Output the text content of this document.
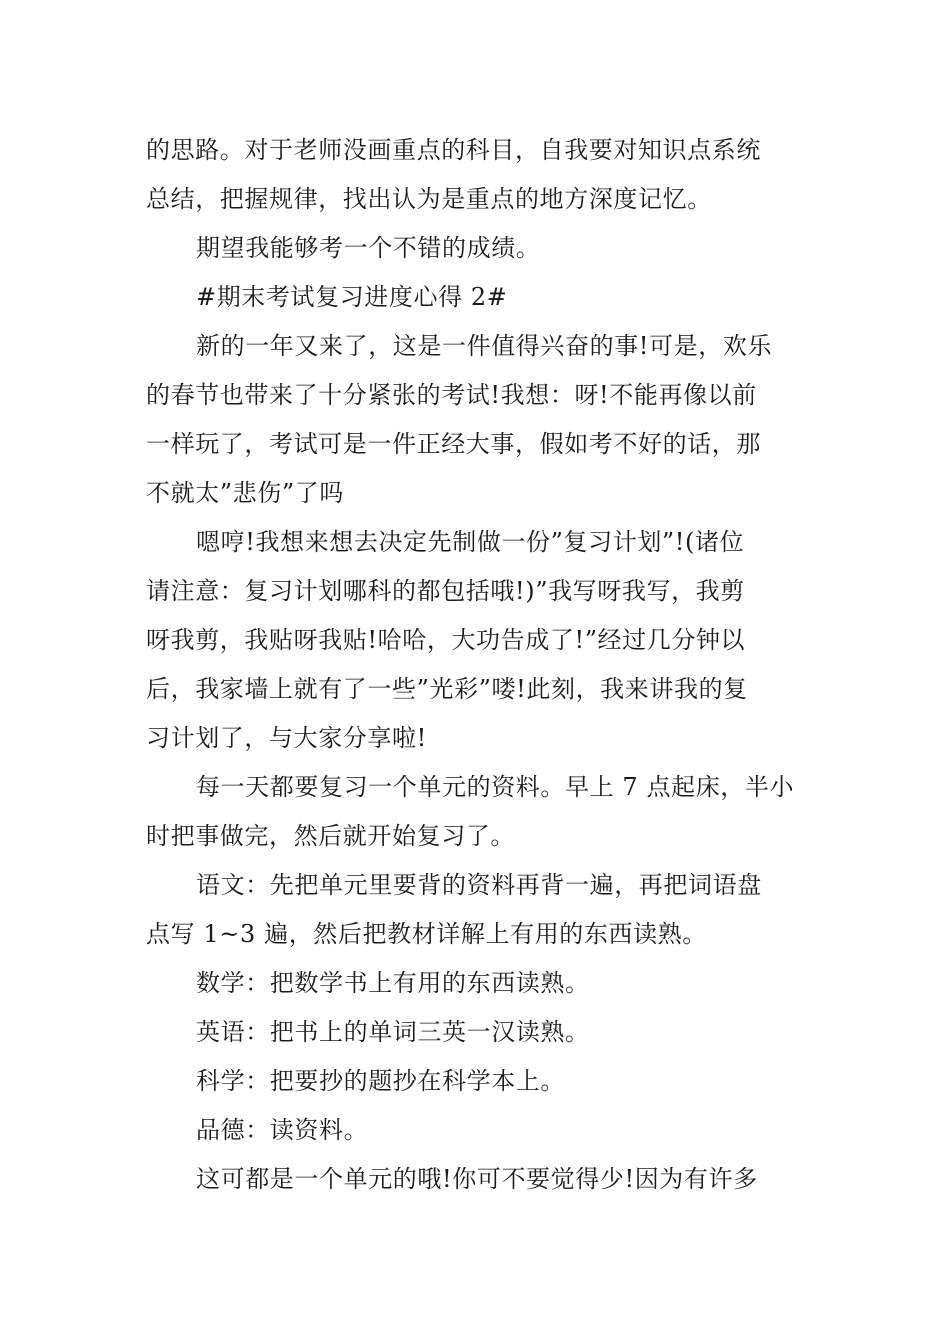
的思路。对于老师没画重点的科目，自我要对知识点系统
总结，把握规律，找出认为是重点的地方深度记忆。

期望我能够考一个不错的成绩。

#期末考试复习进度心得 2#

新的一年又来了，这是一件值得兴奋的事!可是，欢乐
的春节也带来了十分紧张的考试!我想：呀!不能再像以前
一样玩了，考试可是一件正经大事，假如考不好的话，那
不就太”悲伤”了吗

嗯哼!我想来想去决定先制做一份”复习计划”!(诸位
请注意：复习计划哪科的都包括哦!)”我写呀我写，我剪
呀我剪，我贴呀我贴!哈哈，大功告成了!”经过几分钟以
后，我家墙上就有了一些”光彩”喽!此刻，我来讲我的复
习计划了，与大家分享啦!

每一天都要复习一个单元的资料。早上 7 点起床，半小
时把事做完，然后就开始复习了。

语文：先把单元里要背的资料再背一遍，再把词语盘
点写 1~3 遍，然后把教材详解上有用的东西读熟。

数学：把数学书上有用的东西读熟。

英语：把书上的单词三英一汉读熟。

科学：把要抄的题抄在科学本上。

品德：读资料。

这可都是一个单元的哦!你可不要觉得少!因为有许多
